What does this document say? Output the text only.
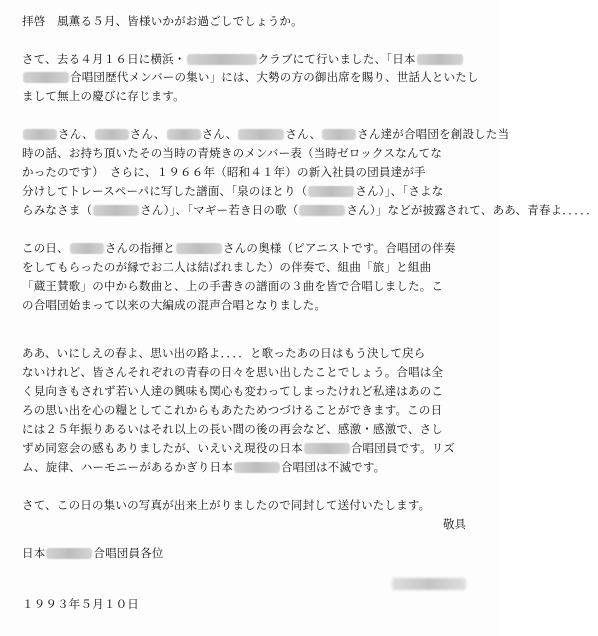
拝啓　風薫る５月、皆様いかがお過ごしでしょうか。
さて、去る４月１６日に横浜・	クラブにて行いました、「日本
合唱団歴代メンバーの集い」には、大勢の方の御出席を賜り、世話人といたし
まして無上の慶びに存じます。
さん、	さん、	さん、	さん、	さん達が合唱団を創設した当
時の話、お持ち頂いたその当時の青焼きのメンバー表（当時ゼロックスなんてな
かったのです）　さらに、１９６６年（昭和４１年）の新入社員の団員達が手
分けしてトレースペーパに写した譜面、「泉のほとり（	さん）」、「さよな
らみなさま（	さん）」、「マギー若き日の歌（	さん）」などが披露されて、ああ、青春よ．．．．．
この日、	さんの指揮と	さんの奥様（ピアニストです。合唱団の伴奏
をしてもらったのが縁でお二人は結ばれました）の伴奏で、組曲「旅」と組曲
「蔵王賛歌」の中から数曲と、上の手書きの譜面の３曲を皆で合唱しました。こ
の合唱団始まって以来の大編成の混声合唱となりました。
ああ、いにしえの春よ、思い出の路よ．．．．と歌ったあの日はもう決して戻ら
ないけれど、皆さんそれぞれの青春の日々を思い出したことでしょう。合唱は全
く見向きもされず若い人達の興味も関心も変わってしまったけれど私達はあのこ
ろの思い出を心の糧としてこれからもあたためつづけることができます。この日
には２５年振りあるいはそれ以上の長い間の後の再会など、感激・感激で、さし
ずめ同窓会の感もありましたが、いえいえ現役の日本	合唱団員です。リズ
ム、旋律、ハーモニーがあるかぎり日本	合唱団は不滅です。
さて、この日の集いの写真が出来上がりましたので同封して送付いたします。
敬具
日本	合唱団員各位
１９９３年５月１０日
